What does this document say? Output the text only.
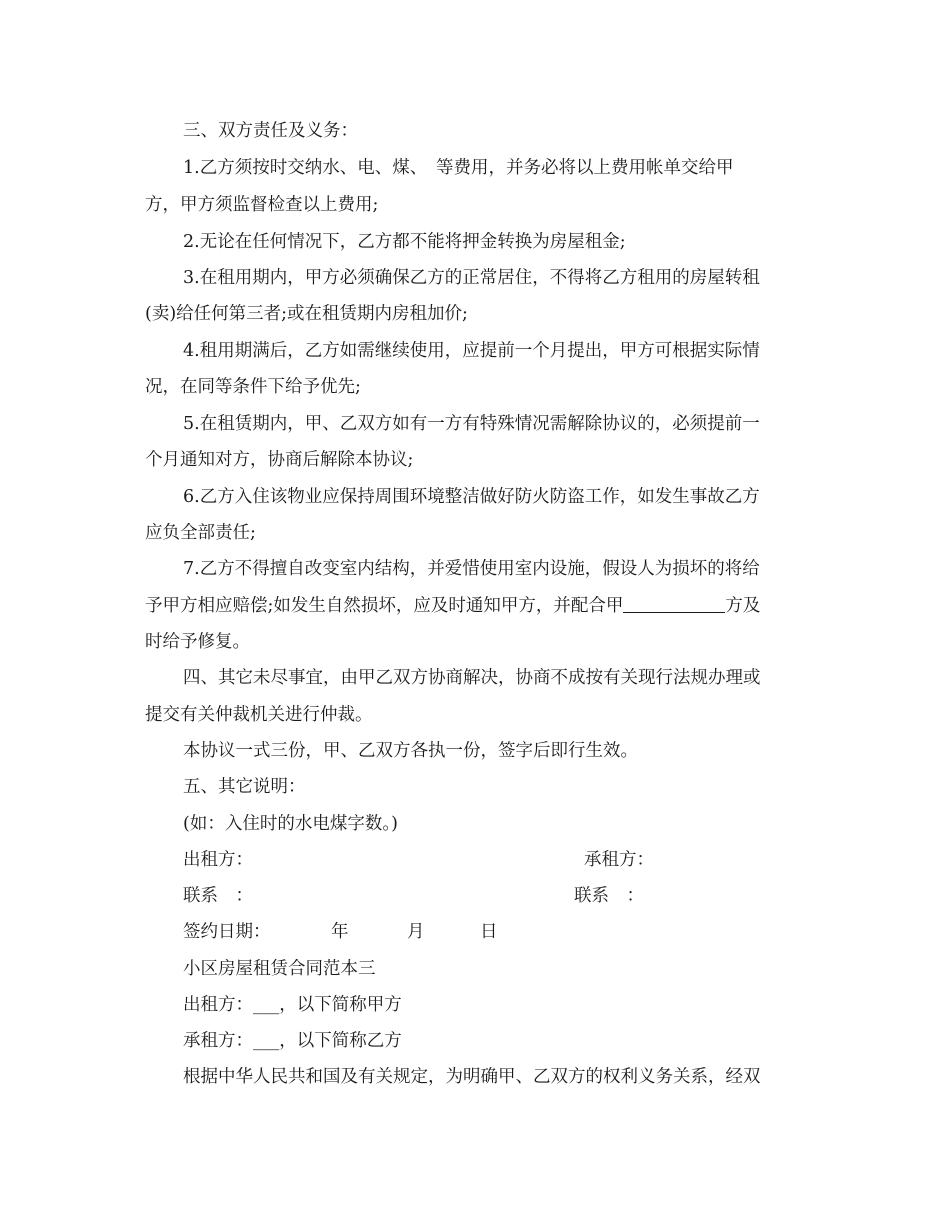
三、双方责任及义务：
1.乙方须按时交纳水、电、煤、　等费用，并务必将以上费用帐单交给甲
方，甲方须监督检查以上费用;
2.无论在任何情况下，乙方都不能将押金转换为房屋租金;
3.在租用期内，甲方必须确保乙方的正常居住，不得将乙方租用的房屋转租
(卖)给任何第三者;或在租赁期内房租加价;
4.租用期满后，乙方如需继续使用，应提前一个月提出，甲方可根据实际情
况，在同等条件下给予优先;
5.在租赁期内，甲、乙双方如有一方有特殊情况需解除协议的，必须提前一
个月通知对方，协商后解除本协议;
6.乙方入住该物业应保持周围环境整洁做好防火防盗工作，如发生事故乙方
应负全部责任;
7.乙方不得擅自改变室内结构，并爱惜使用室内设施，假设人为损坏的将给
予甲方相应赔偿;如发生自然损坏，应及时通知甲方，并配合甲	方及
时给予修复。
四、其它未尽事宜，由甲乙双方协商解决，协商不成按有关现行法规办理或
提交有关仲裁机关进行仲裁。
本协议一式三份，甲、乙双方各执一份，签字后即行生效。
五、其它说明：
(如：入住时的水电煤字数。)
出租方：	承租方：
联系　：	联系　：
签约日期：	年	月	日
小区房屋租赁合同范本三
出租方：___，以下简称甲方
承租方：___，以下简称乙方
根据中华人民共和国及有关规定，为明确甲、乙双方的权利义务关系，经双
